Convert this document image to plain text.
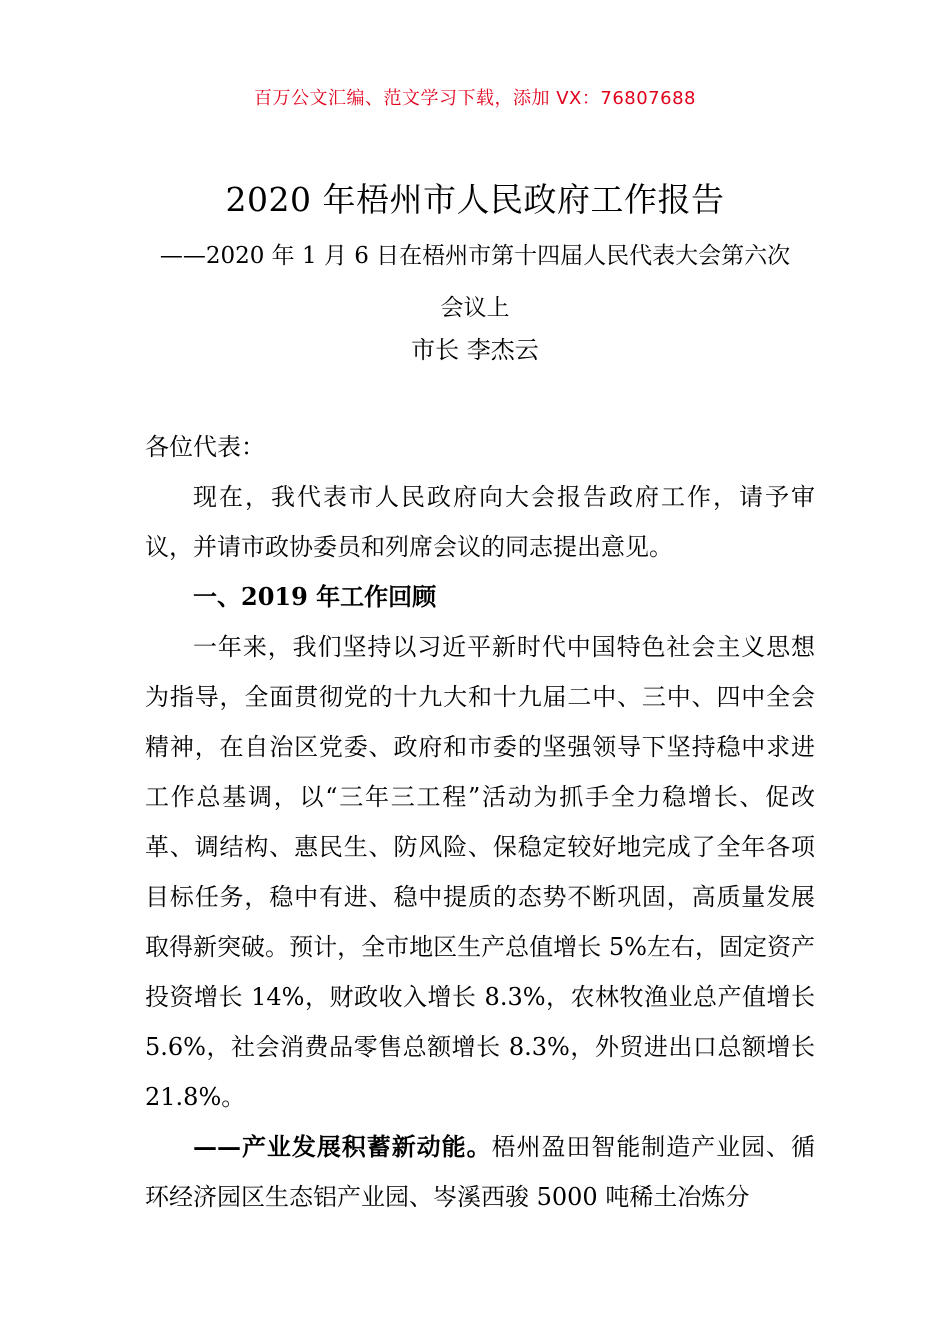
百万公文汇编、范文学习下载，添加 VX：76807688
2020 年梧州市人民政府工作报告
——2020 年 1 月 6 日在梧州市第十四届人民代表大会第六次会议上
市长 李杰云

各位代表：

现在，我代表市人民政府向大会报告政府工作，请予审议，并请市政协委员和列席会议的同志提出意见。

一、2019 年工作回顾

一年来，我们坚持以习近平新时代中国特色社会主义思想为指导，全面贯彻党的十九大和十九届二中、三中、四中全会精神，在自治区党委、政府和市委的坚强领导下坚持稳中求进工作总基调，以“三年三工程”活动为抓手全力稳增长、促改革、调结构、惠民生、防风险、保稳定较好地完成了全年各项目标任务，稳中有进、稳中提质的态势不断巩固，高质量发展取得新突破。预计，全市地区生产总值增长 5%左右，固定资产投资增长 14%，财政收入增长 8.3%，农林牧渔业总产值增长 5.6%，社会消费品零售总额增长 8.3%，外贸进出口总额增长 21.8%。

——产业发展积蓄新动能。梧州盈田智能制造产业园、循环经济园区生态铝产业园、岑溪西骏 5000 吨稀土冶炼分
